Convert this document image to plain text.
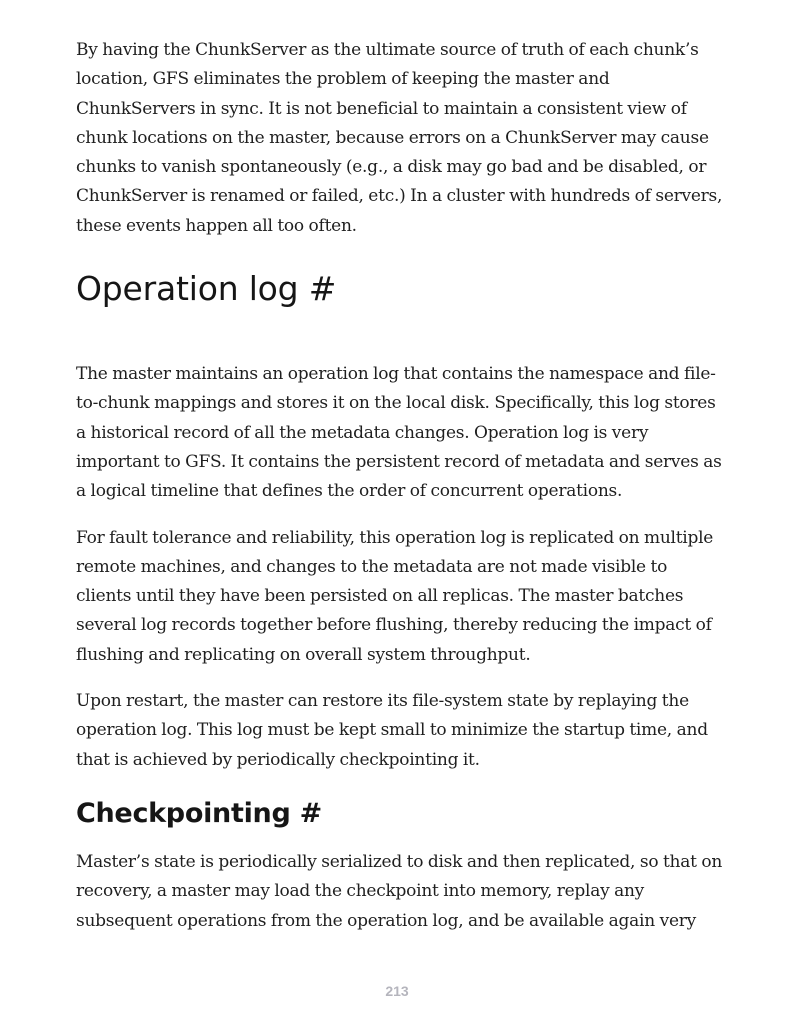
By having the ChunkServer as the ultimate source of truth of each chunk’s location, GFS eliminates the problem of keeping the master and ChunkServers in sync. It is not beneficial to maintain a consistent view of chunk locations on the master, because errors on a ChunkServer may cause chunks to vanish spontaneously (e.g., a disk may go bad and be disabled, or ChunkServer is renamed or failed, etc.) In a cluster with hundreds of servers, these events happen all too often.

Operation log #

The master maintains an operation log that contains the namespace and file-to-chunk mappings and stores it on the local disk. Specifically, this log stores a historical record of all the metadata changes. Operation log is very important to GFS. It contains the persistent record of metadata and serves as a logical timeline that defines the order of concurrent operations.

For fault tolerance and reliability, this operation log is replicated on multiple remote machines, and changes to the metadata are not made visible to clients until they have been persisted on all replicas. The master batches several log records together before flushing, thereby reducing the impact of flushing and replicating on overall system throughput.

Upon restart, the master can restore its file-system state by replaying the operation log. This log must be kept small to minimize the startup time, and that is achieved by periodically checkpointing it.

Checkpointing #

Master’s state is periodically serialized to disk and then replicated, so that on recovery, a master may load the checkpoint into memory, replay any subsequent operations from the operation log, and be available again very

213
